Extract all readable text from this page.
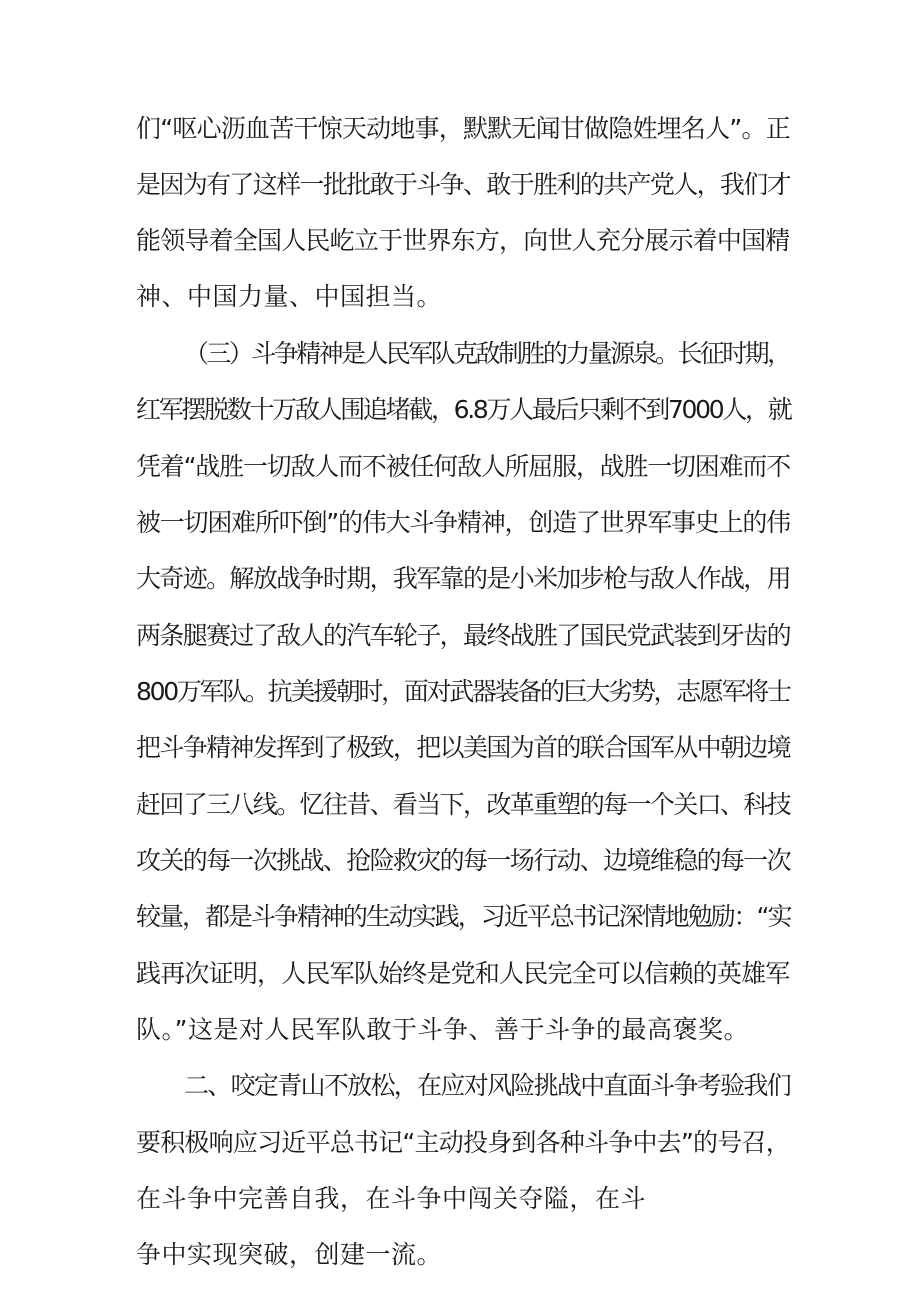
们“呕心沥血苦干惊天动地事，默默无闻甘做隐姓埋名人”。正
是因为有了这样一批批敢于斗争、敢于胜利的共产党人，我们才
能领导着全国人民屹立于世界东方，向世人充分展示着中国精
神、中国力量、中国担当。
（三）斗争精神是人民军队克敌制胜的力量源泉。长征时期，
红军摆脱数十万敌人围追堵截，6.8万人最后只剩不到7000人，就
凭着“战胜一切敌人而不被任何敌人所屈服，战胜一切困难而不
被一切困难所吓倒”的伟大斗争精神，创造了世界军事史上的伟
大奇迹。解放战争时期，我军靠的是小米加步枪与敌人作战，用
两条腿赛过了敌人的汽车轮子，最终战胜了国民党武装到牙齿的
800万军队。抗美援朝时，面对武器装备的巨大劣势，志愿军将士
把斗争精神发挥到了极致，把以美国为首的联合国军从中朝边境
赶回了三八线。忆往昔、看当下，改革重塑的每一个关口、科技
攻关的每一次挑战、抢险救灾的每一场行动、边境维稳的每一次
较量，都是斗争精神的生动实践，习近平总书记深情地勉励：“实
践再次证明，人民军队始终是党和人民完全可以信赖的英雄军
队。”这是对人民军队敢于斗争、善于斗争的最高褒奖。
二、咬定青山不放松，在应对风险挑战中直面斗争考验我们
要积极响应习近平总书记“主动投身到各种斗争中去”的号召，
在斗争中完善自我，在斗争中闯关夺隘，在斗
争中实现突破，创建一流。
